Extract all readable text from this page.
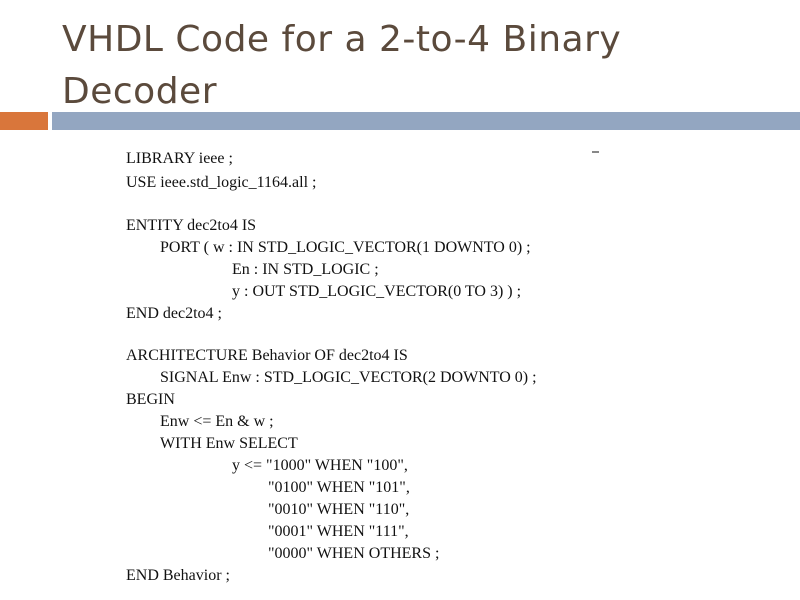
VHDL Code for a 2-to-4 Binary Decoder
LIBRARY ieee ;
USE ieee.std_logic_1164.all ;
ENTITY dec2to4 IS
PORT ( w : IN STD_LOGIC_VECTOR(1 DOWNTO 0) ;
En : IN STD_LOGIC ;
y : OUT STD_LOGIC_VECTOR(0 TO 3) ) ;
END dec2to4 ;
ARCHITECTURE Behavior OF dec2to4 IS
SIGNAL Enw : STD_LOGIC_VECTOR(2 DOWNTO 0) ;
BEGIN
Enw <= En & w ;
WITH Enw SELECT
y <= "1000" WHEN "100",
"0100" WHEN "101",
"0010" WHEN "110",
"0001" WHEN "111",
"0000" WHEN OTHERS ;
END Behavior ;
